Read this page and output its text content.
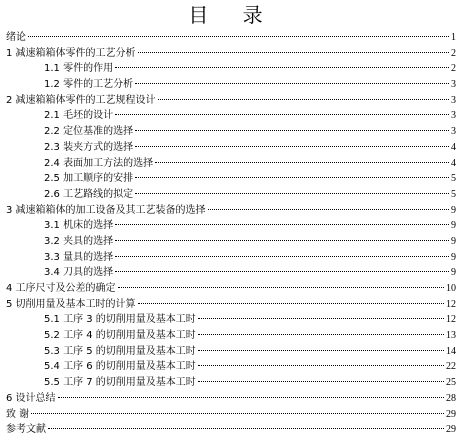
目 录
绪论	1
1 减速箱箱体零件的工艺分析	2
1.1 零件的作用	2
1.2 零件的工艺分析	3
2 减速箱箱体零件的工艺规程设计	3
2.1 毛坯的设计	3
2.2 定位基准的选择	3
2.3 装夹方式的选择	4
2.4 表面加工方法的选择	4
2.5 加工顺序的安排	5
2.6 工艺路线的拟定	5
3 减速箱箱体的加工设备及其工艺装备的选择	9
3.1 机床的选择	9
3.2 夹具的选择	9
3.3 量具的选择	9
3.4 刀具的选择	9
4 工序尺寸及公差的确定	10
5 切削用量及基本工时的计算	12
5.1 工序 3 的切削用量及基本工时	12
5.2 工序 4 的切削用量及基本工时	13
5.3 工序 5 的切削用量及基本工时	14
5.4 工序 6 的切削用量及基本工时	22
5.5 工序 7 的切削用量及基本工时	25
6 设计总结	28
致 谢	29
参考文献	29
